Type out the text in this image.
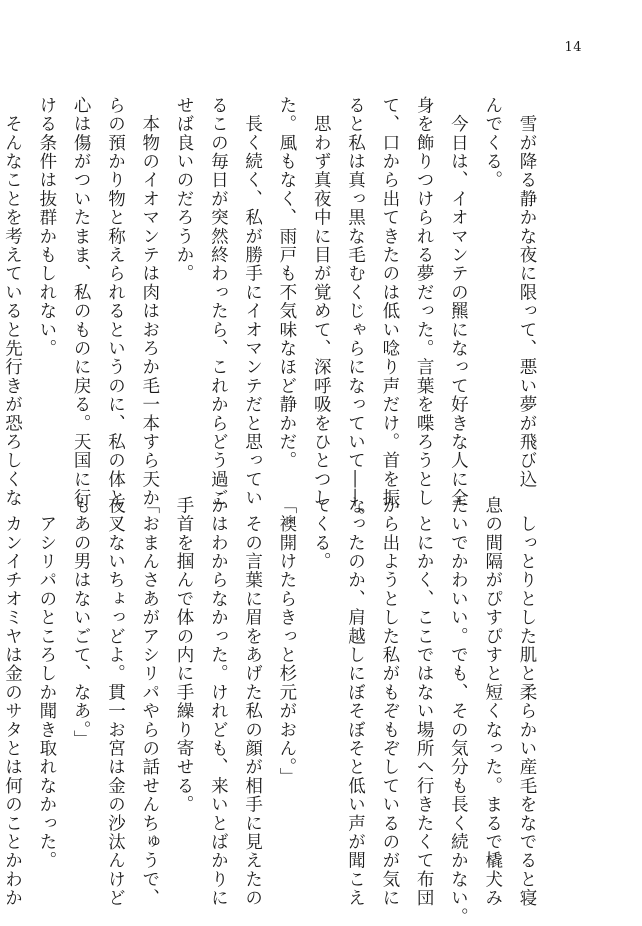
14
　雪が降る静かな夜に限って、悪い夢が飛び込
んでくる。
　今日は、イオマンテの羆になって好きな人に全
身を飾りつけられる夢だった。言葉を喋ろうとし
て、口から出てきたのは低い唸り声だけ。首を振
ると私は真っ黒な毛むくじゃらになっていて――。
　思わず真夜中に目が覚めて、深呼吸をひとつし
た。風もなく、雨戸も不気味なほど静かだ。
　長く続く、私が勝手にイオマンテだと思ってい
るこの毎日が突然終わったら、これからどう過ご
せば良いのだろうか。
　本物のイオマンテは肉はおろか毛一本すら天か
らの預かり物と称えられるというのに、私の体と
心は傷がついたまま、私のものに戻る。天国に行
ける条件は抜群かもしれない。
　そんなことを考えていると先行きが恐ろしくな
　しっとりとした肌と柔らかい産毛をなでると寝
息の間隔がぴすぴすと短くなった。まるで橇犬み
たいでかわいい。でも、その気分も長く続かない。
　とにかく、ここではない場所へ行きたくて布団
から出ようとした私がもぞもぞしているのが気に
なったのか、肩越しにぼそぼそと低い声が聞こえ
てくる。
「襖開けたらきっと杉元がおん。」
　その言葉に眉をあげた私の顔が相手に見えたの
かはわからなかった。けれども、来いとばかりに
手首を掴んで体の内に手繰り寄せる。
「おまんさあがアシリパやらの話せんちゅうで、
夜叉ないちょっどよ。貫一お宮は金の沙汰んけど
もあの男はないごて、なあ。」
　アシリパのところしか聞き取れなかった。
　カンイチオミヤは金のサタとは何のことかわか
